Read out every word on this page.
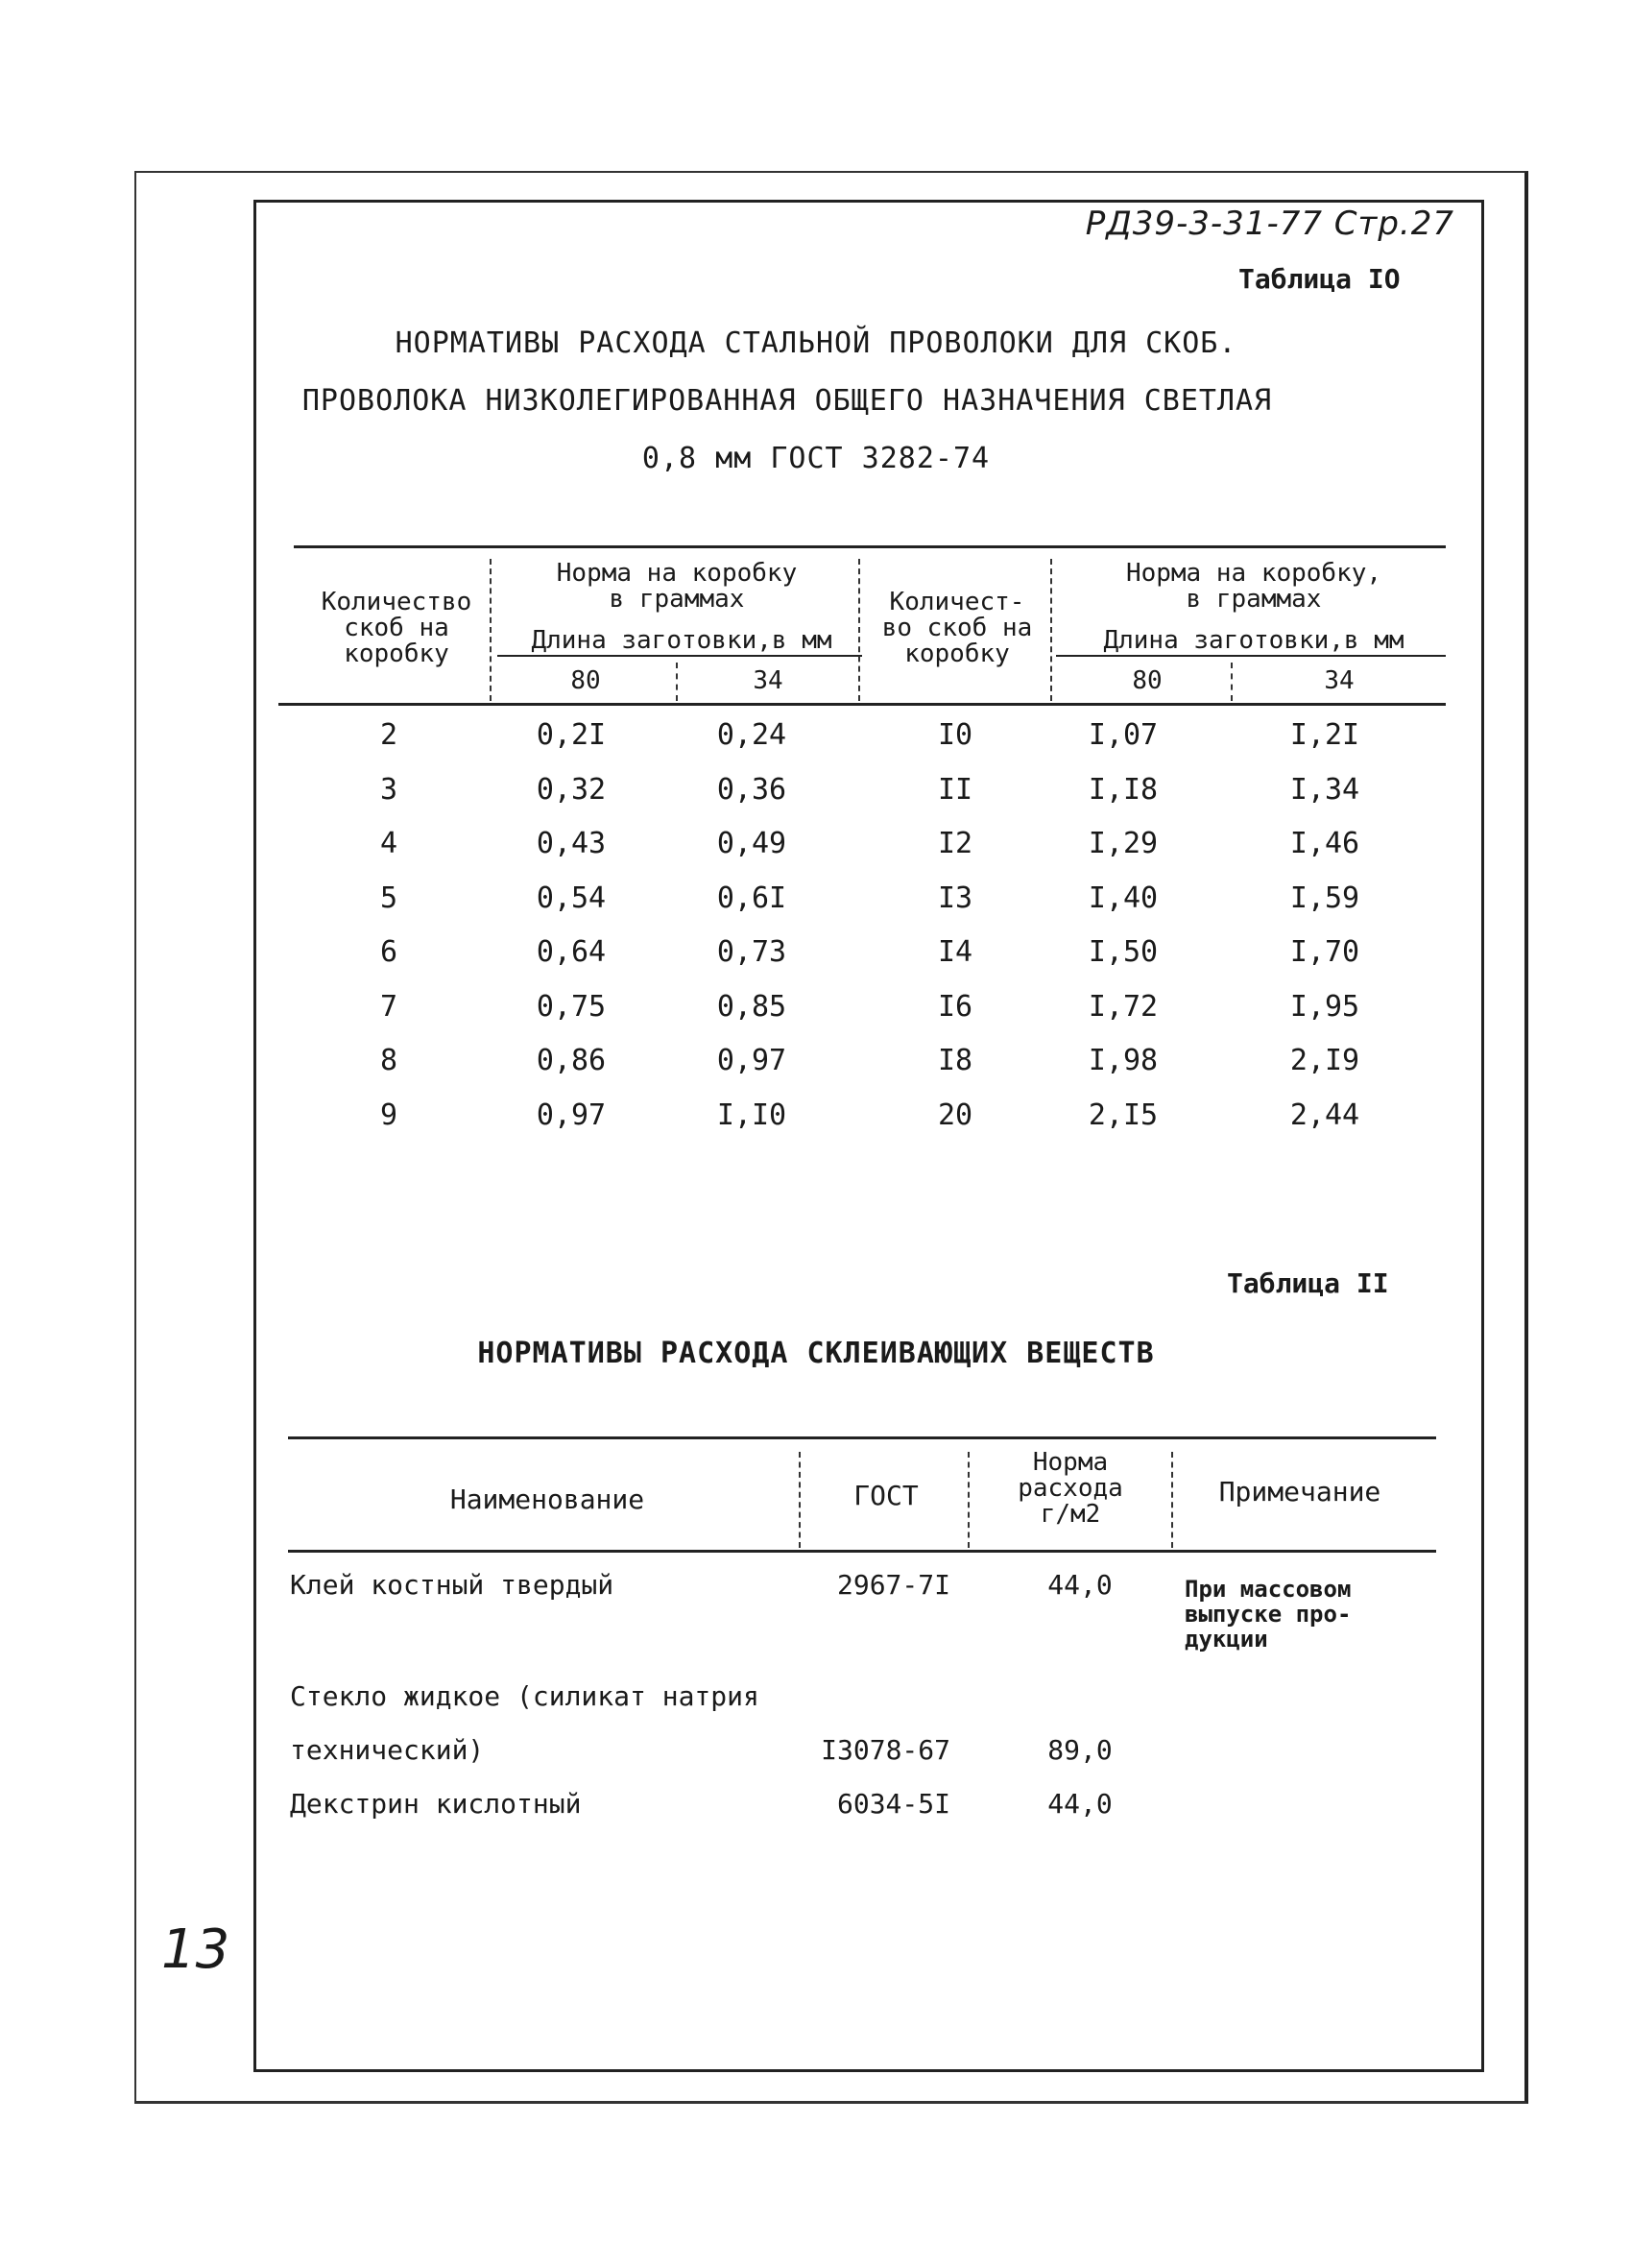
РД39-3-31-77 Стр.27
13
Таблица IO
НОРМАТИВЫ РАСХОДА СТАЛЬНОЙ ПРОВОЛОКИ ДЛЯ СКОБ.
ПРОВОЛОКА НИЗКОЛЕГИРОВАННАЯ ОБЩЕГО НАЗНАЧЕНИЯ СВЕТЛАЯ
0,8 мм ГОСТ 3282-74
Количество
скоб на
коробку
Норма на коробку
в граммах
Длина заготовки,в мм
80	34
Количест-
во скоб на
коробку
Норма на коробку,
в граммах
Длина заготовки,в мм
80	34
2	0,2I	0,24	I0	I,07	I,2I
3	0,32	0,36	II	I,I8	I,34
4	0,43	0,49	I2	I,29	I,46
5	0,54	0,6I	I3	I,40	I,59
6	0,64	0,73	I4	I,50	I,70
7	0,75	0,85	I6	I,72	I,95
8	0,86	0,97	I8	I,98	2,I9
9	0,97	I,I0	20	2,I5	2,44
Таблица II
НОРМАТИВЫ РАСХОДА СКЛЕИВАЮЩИХ ВЕЩЕСТВ
Наименование	ГОСТ
Норма
расхода
г/м2
Примечание
Клей костный твердый	2967-7I	44,0	При массовом
выпуске про-
дукции
Стекло жидкое (силикат натрия
технический)	I3078-67	89,0
Декстрин кислотный	6034-5I	44,0
